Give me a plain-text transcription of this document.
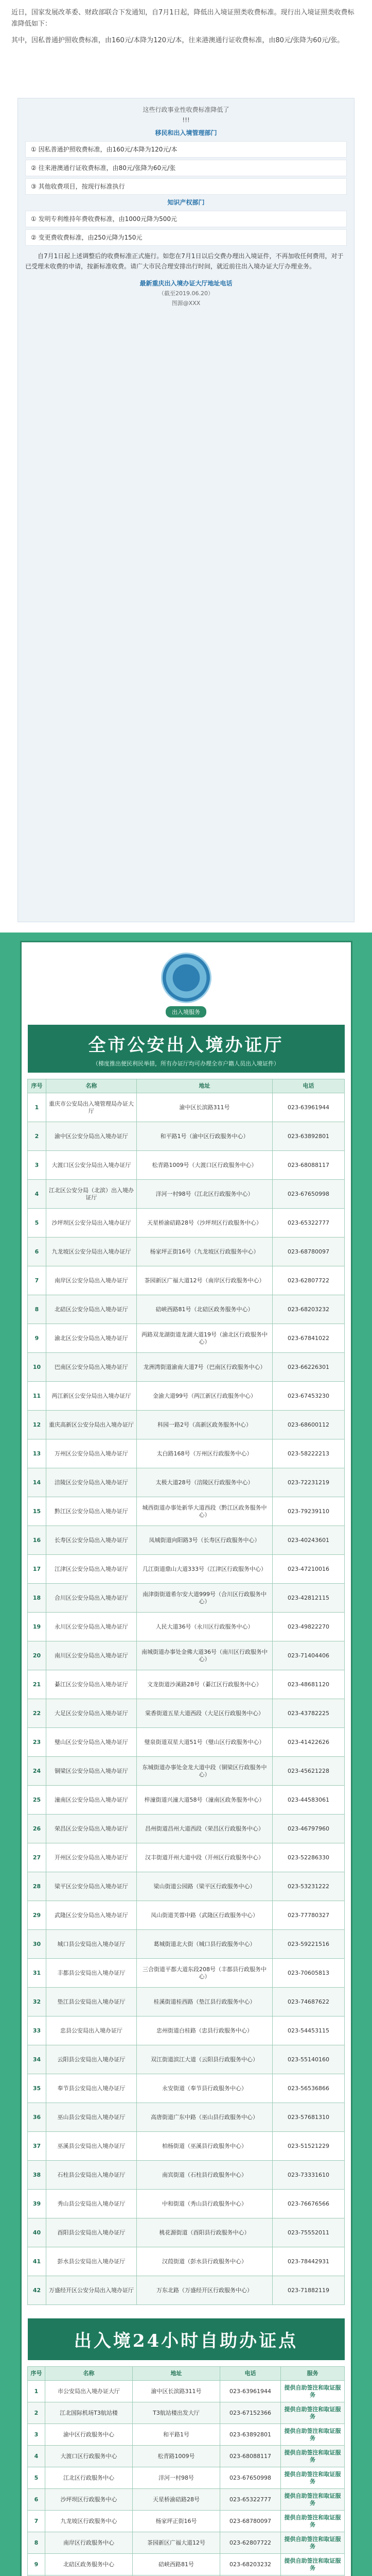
近日，国家发展改革委、财政部联合下发通知，自7月1日起，降低出入境证照类收费标准。现行出入境证照类收费标准降低如下：

其中，因私普通护照收费标准，由160元/本降为120元/本，往来港澳通行证收费标准，由80元/张降为60元/张。

这些行政事业性收费标准降低了
!!!
移民和出入境管理部门
① 因私普通护照收费标准，由160元/本降为120元/本
② 往来港澳通行证收费标准，由80元/张降为60元/张
③ 其他收费项目，按现行标准执行
知识产权部门
① 发明专利维持年费收费标准，由1000元降为500元
② 变更费收费标准，由250元降为150元

自7月1日起上述调整后的收费标准正式施行。如您在7月1日以后交费办理出入境证件，不再加收任何费用，对于已受理未收费的申请，按新标准收费。请广大市民合理安排出行时间，就近前往出入境办证大厅办理业务。

最新重庆出入境办证大厅地址电话
（截至2019.06.20）
图源@XXX
出入境服务
全市公安出入境办证厅
（梯度推出便民利民举措，所有办证厅均可办理全市户籍人员出入境证件）
序号	名称	地址	电话
1	重庆市公安局出入境管理局办证大厅	渝中区长滨路311号	023-63961944
2	渝中区公安分局出入境办证厅	和平路1号（渝中区行政服务中心）	023-63892801
3	大渡口区公安分局出入境办证厅	松青路1009号（大渡口区行政服务中心）	023-68088117
4	江北区公安分局（北滨）出入境办证厅	洋河一村98号（江北区行政服务中心）	023-67650998
5	沙坪坝区公安分局出入境办证厅	天星桥渝碚路28号（沙坪坝区行政服务中心）	023-65322777
6	九龙坡区公安分局出入境办证厅	杨家坪正街16号（九龙坡区行政服务中心）	023-68780097
7	南岸区公安分局出入境办证厅	茶园新区广福大道12号（南岸区行政服务中心）	023-62807722
8	北碚区公安分局出入境办证厅	碚峡西路81号（北碚区政务服务中心）	023-68203232
9	渝北区公安分局出入境办证厅	两路双龙湖街道龙湖大道19号（渝北区行政服务中心）	023-67841022
10	巴南区公安分局出入境办证厅	龙洲湾街道渝南大道7号（巴南区行政服务中心）	023-66226301
11	两江新区公安分局出入境办证厅	金渝大道99号（两江新区行政服务中心）	023-67453230
12	重庆高新区公安分局出入境办证厅	科园一路2号（高新区政务服务中心）	023-68600112
13	万州区公安分局出入境办证厅	太白路168号（万州区行政服务中心）	023-58222213
14	涪陵区公安分局出入境办证厅	太极大道28号（涪陵区行政服务中心）	023-72231219
15	黔江区公安分局出入境办证厅	城西街道办事处新华大道西段（黔江区政务服务中心）	023-79239110
16	长寿区公安分局出入境办证厅	凤城街道向阳路3号（长寿区行政服务中心）	023-40243601
17	江津区公安分局出入境办证厅	几江街道鼎山大道333号（江津区行政服务中心）	023-47210016
18	合川区公安分局出入境办证厅	南津街街道希尔安大道999号（合川区行政服务中心）	023-42812115
19	永川区公安分局出入境办证厅	人民大道36号（永川区行政服务中心）	023-49822270
20	南川区公安分局出入境办证厅	南城街道办事处金佛大道36号（南川区行政服务中心）	023-71404406
21	綦江区公安分局出入境办证厅	文龙街道沙溪路28号（綦江区行政服务中心）	023-48681120
22	大足区公安分局出入境办证厅	棠香街道五星大道西段（大足区行政服务中心）	023-43782225
23	璧山区公安分局出入境办证厅	璧泉街道双星大道51号（璧山区行政服务中心）	023-41422626
24	铜梁区公安分局出入境办证厅	东城街道办事处金龙大道中段（铜梁区行政服务中心）	023-45621228
25	潼南区公安分局出入境办证厅	梓潼街道兴潼大道58号（潼南区政务服务中心）	023-44583061
26	荣昌区公安分局出入境办证厅	昌州街道昌州大道西段（荣昌区行政服务中心）	023-46797960
27	开州区公安分局出入境办证厅	汉丰街道开州大道中段（开州区行政服务中心）	023-52286330
28	梁平区公安分局出入境办证厅	梁山街道公园路（梁平区行政服务中心）	023-53231222
29	武隆区公安分局出入境办证厅	凤山街道芙蓉中路（武隆区行政服务中心）	023-77780327
30	城口县公安局出入境办证厅	葛城街道北大街（城口县行政服务中心）	023-59221516
31	丰都县公安局出入境办证厅	三合街道平都大道东段208号（丰都县行政服务中心）	023-70605813
32	垫江县公安局出入境办证厅	桂溪街道桂西路（垫江县行政服务中心）	023-74687622
33	忠县公安局出入境办证厅	忠州街道白桂路（忠县行政服务中心）	023-54453115
34	云阳县公安局出入境办证厅	双江街道滨江大道（云阳县行政服务中心）	023-55140160
35	奉节县公安局出入境办证厅	永安街道（奉节县行政服务中心）	023-56536866
36	巫山县公安局出入境办证厅	高唐街道广东中路（巫山县行政服务中心）	023-57681310
37	巫溪县公安局出入境办证厅	柏杨街道（巫溪县行政服务中心）	023-51521229
38	石柱县公安局出入境办证厅	南宾街道（石柱县行政服务中心）	023-73331610
39	秀山县公安局出入境办证厅	中和街道（秀山县行政服务中心）	023-76676566
40	酉阳县公安局出入境办证厅	桃花源街道（酉阳县行政服务中心）	023-75552011
41	彭水县公安局出入境办证厅	汉葭街道（彭水县行政服务中心）	023-78442931
42	万盛经开区公安分局出入境办证厅	万东北路（万盛经开区行政服务中心）	023-71882119
出入境24小时自助办证点
序号	名称	地址	电话	服务
1	市公安局出入境办证大厅	渝中区长滨路311号	023-63961944	提供自助签注和取证服务
2	江北国际机场T3航站楼	T3航站楼出发大厅	023-67152366	提供自助签注和取证服务
3	渝中区行政服务中心	和平路1号	023-63892801	提供自助签注和取证服务
4	大渡口区行政服务中心	松青路1009号	023-68088117	提供自助签注和取证服务
5	江北区行政服务中心	洋河一村98号	023-67650998	提供自助签注和取证服务
6	沙坪坝区行政服务中心	天星桥渝碚路28号	023-65322777	提供自助签注和取证服务
7	九龙坡区行政服务中心	杨家坪正街16号	023-68780097	提供自助签注和取证服务
8	南岸区行政服务中心	茶园新区广福大道12号	023-62807722	提供自助签注和取证服务
9	北碚区政务服务中心	碚峡西路81号	023-68203232	提供自助签注和取证服务
